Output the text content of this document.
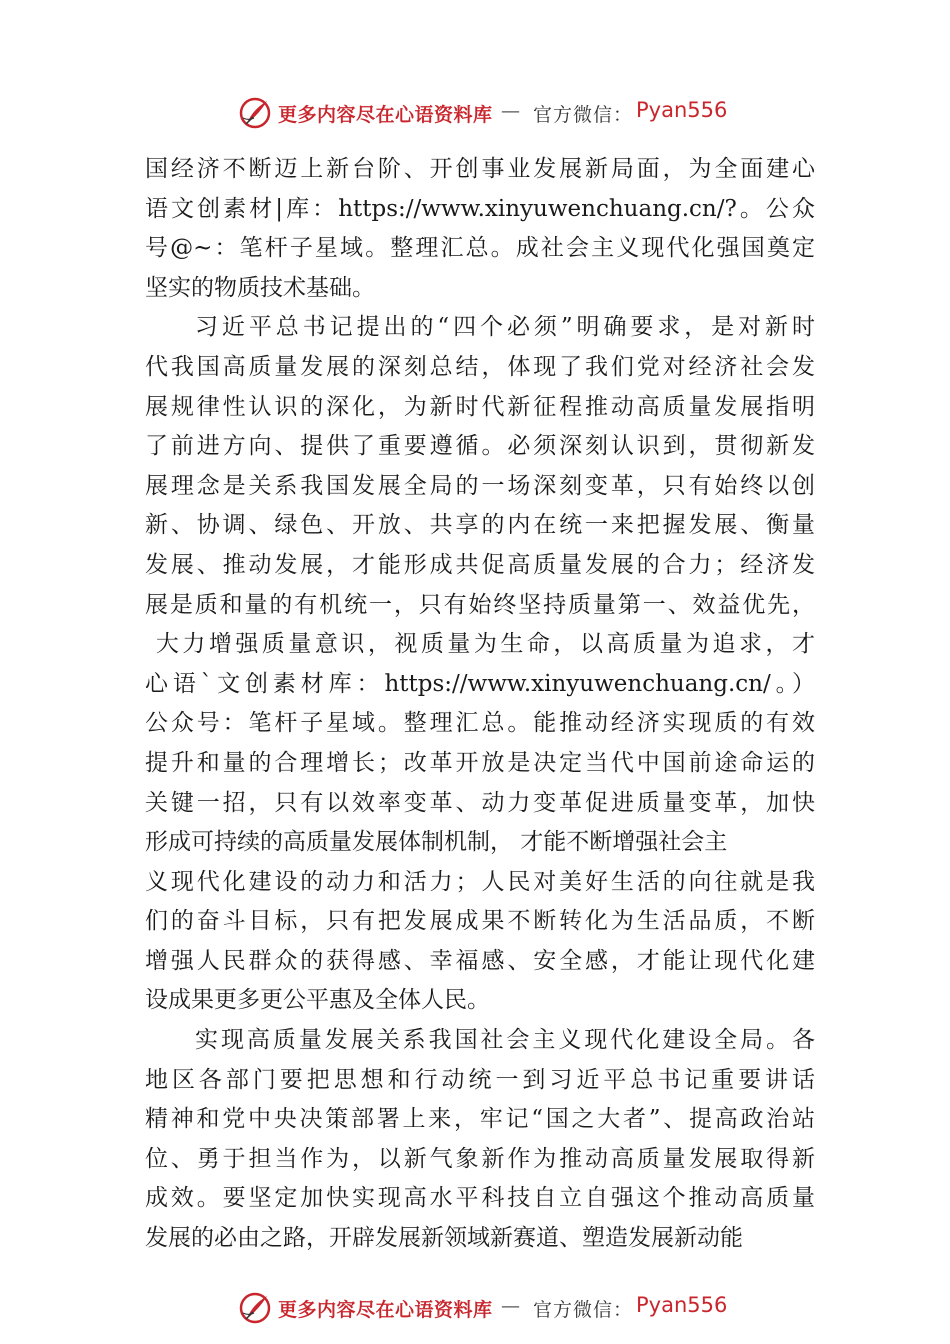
更多内容尽在心语资料库 — 官方微信： Pyan556
国经济不断迈上新台阶、开创事业发展新局面，为全面建心
语文创素材|库：https://www.xinyuwenchuang.cn/?。公众
号@~：笔杆子星域。整理汇总。成社会主义现代化强国奠定
坚实的物质技术基础。
习近平总书记提出的“四个必须”明确要求，是对新时
代我国高质量发展的深刻总结，体现了我们党对经济社会发
展规律性认识的深化，为新时代新征程推动高质量发展指明
了前进方向、提供了重要遵循。必须深刻认识到，贯彻新发
展理念是关系我国发展全局的一场深刻变革，只有始终以创
新、协调、绿色、开放、共享的内在统一来把握发展、衡量
发展、推动发展，才能形成共促高质量发展的合力；经济发
展是质和量的有机统一，只有始终坚持质量第一、效益优先，
大力增强质量意识，视质量为生命，以高质量为追求，才
心语`文创素材库：https://www.xinyuwenchuang.cn/。）
公众号：笔杆子星域。整理汇总。能推动经济实现质的有效
提升和量的合理增长；改革开放是决定当代中国前途命运的
关键一招，只有以效率变革、动力变革促进质量变革，加快
形成可持续的高质量发展体制机制， 才能不断增强社会主
义现代化建设的动力和活力；人民对美好生活的向往就是我
们的奋斗目标，只有把发展成果不断转化为生活品质，不断
增强人民群众的获得感、幸福感、安全感，才能让现代化建
设成果更多更公平惠及全体人民。
实现高质量发展关系我国社会主义现代化建设全局。各
地区各部门要把思想和行动统一到习近平总书记重要讲话
精神和党中央决策部署上来，牢记“国之大者”、提高政治站
位、勇于担当作为，以新气象新作为推动高质量发展取得新
成效。要坚定加快实现高水平科技自立自强这个推动高质量
发展的必由之路，开辟发展新领域新赛道、塑造发展新动能
更多内容尽在心语资料库 — 官方微信： Pyan556
